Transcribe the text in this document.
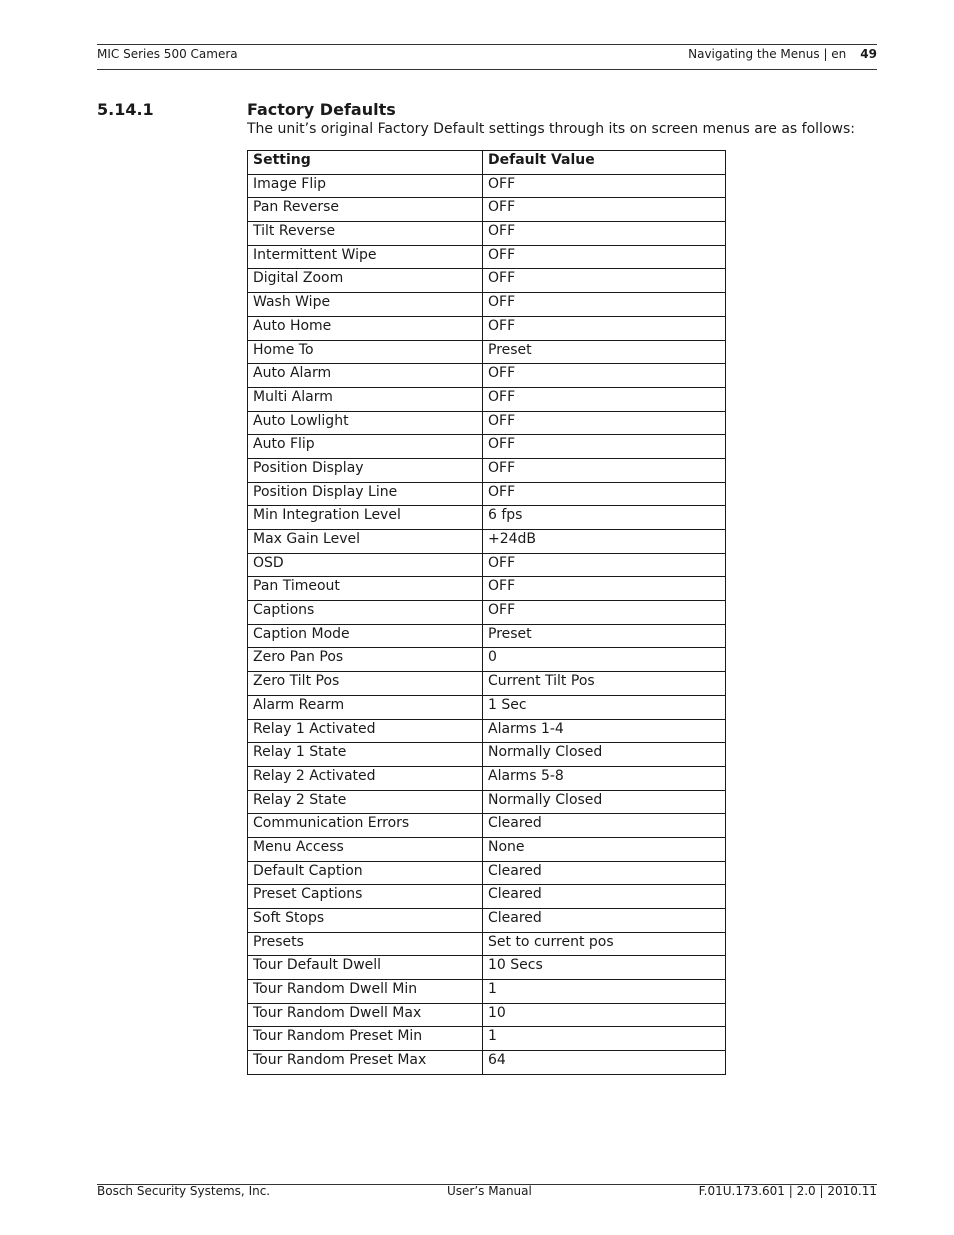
MIC Series 500 Camera	Navigating the Menus | en 49
5.14.1	Factory Defaults
The unit’s original Factory Default settings through its on screen menus are as follows:
Setting	Default Value
Image Flip	OFF
Pan Reverse	OFF
Tilt Reverse	OFF
Intermittent Wipe	OFF
Digital Zoom	OFF
Wash Wipe	OFF
Auto Home	OFF
Home To	Preset
Auto Alarm	OFF
Multi Alarm	OFF
Auto Lowlight	OFF
Auto Flip	OFF
Position Display	OFF
Position Display Line	OFF
Min Integration Level	6 fps
Max Gain Level	+24dB
OSD	OFF
Pan Timeout	OFF
Captions	OFF
Caption Mode	Preset
Zero Pan Pos	0
Zero Tilt Pos	Current Tilt Pos
Alarm Rearm	1 Sec
Relay 1 Activated	Alarms 1-4
Relay 1 State	Normally Closed
Relay 2 Activated	Alarms 5-8
Relay 2 State	Normally Closed
Communication Errors	Cleared
Menu Access	None
Default Caption	Cleared
Preset Captions	Cleared
Soft Stops	Cleared
Presets	Set to current pos
Tour Default Dwell	10 Secs
Tour Random Dwell Min	1
Tour Random Dwell Max	10
Tour Random Preset Min	1
Tour Random Preset Max	64
Bosch Security Systems, Inc.	User’s Manual	F.01U.173.601 | 2.0 | 2010.11
